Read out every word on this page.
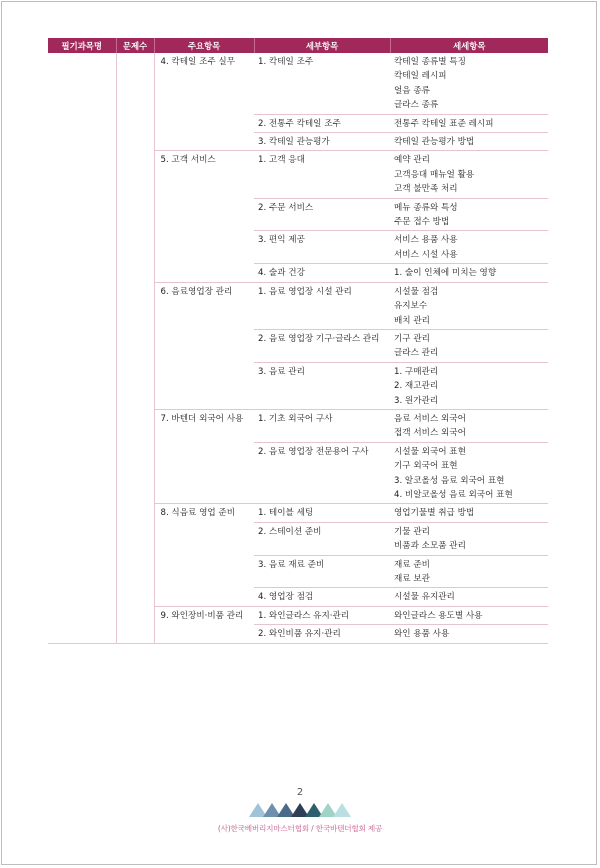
필기과목명	문제수	주요항목	세부항목	세세항목
		4. 칵테일 조주 실무	1. 칵테일 조주	칵테일 종류별 특징
칵테일 레시피
얼음 종류
글라스 종류

			2. 전통주 칵테일 조주	전통주 칵테일 표준 레시피

			3. 칵테일 관능평가	칵테일 관능평가 방법

		5. 고객 서비스	1. 고객 응대	예약 관리
고객응대 매뉴얼 활용
고객 불만족 처리

			2. 주문 서비스	메뉴 종류와 특성
주문 접수 방법

			3. 편익 제공	서비스 용품 사용
서비스 시설 사용

			4. 술과 건강	1. 술이 인체에 미치는 영향

		6. 음료영업장 관리	1. 음료 영업장 시설 관리	시설물 점검
유지보수
배치 관리

			2. 음료 영업장 기구·글라스 관리	기구 관리
글라스 관리

			3. 음료 관리	1. 구매관리
2. 재고관리
3. 원가관리

		7. 바텐더 외국어 사용	1. 기초 외국어 구사	음료 서비스 외국어
접객 서비스 외국어

			2. 음료 영업장 전문용어 구사	시설물 외국어 표현
기구 외국어 표현
3. 알코올성 음료 외국어 표현
4. 비알코올성 음료 외국어 표현

		8. 식음료 영업 준비	1. 테이블 세팅	영업기물별 취급 방법

			2. 스테이션 준비	기물 관리
비품과 소모품 관리

			3. 음료 재료 준비	재료 준비
재료 보관

			4. 영업장 점검	시설물 유지관리

		9. 와인장비·비품 관리	1. 와인글라스 유지·관리	와인글라스 용도별 사용

			2. 와인비품 유지·관리	와인 용품 사용
2
(사)한국베버리지마스터협회 / 한국바텐더협회 제공
